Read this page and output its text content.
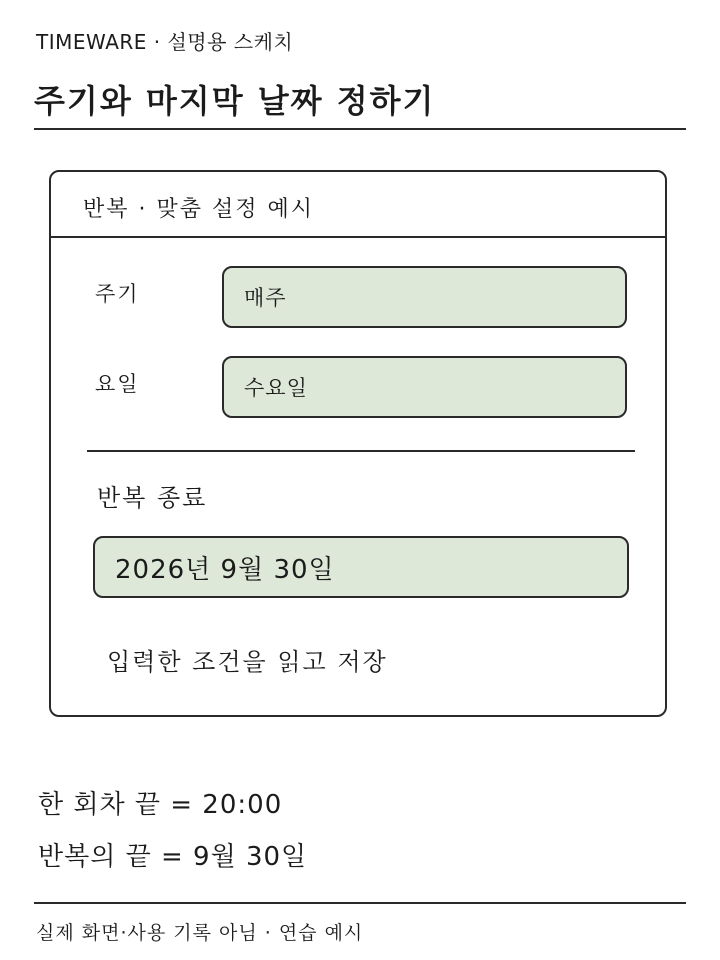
TIMEWARE · 설명용 스케치
주기와 마지막 날짜 정하기
반복 · 맞춤 설정 예시
주기	매주
요일	수요일
반복 종료
2026년 9월 30일
입력한 조건을 읽고 저장
한 회차 끝 = 20:00
반복의 끝 = 9월 30일
실제 화면·사용 기록 아님 · 연습 예시
